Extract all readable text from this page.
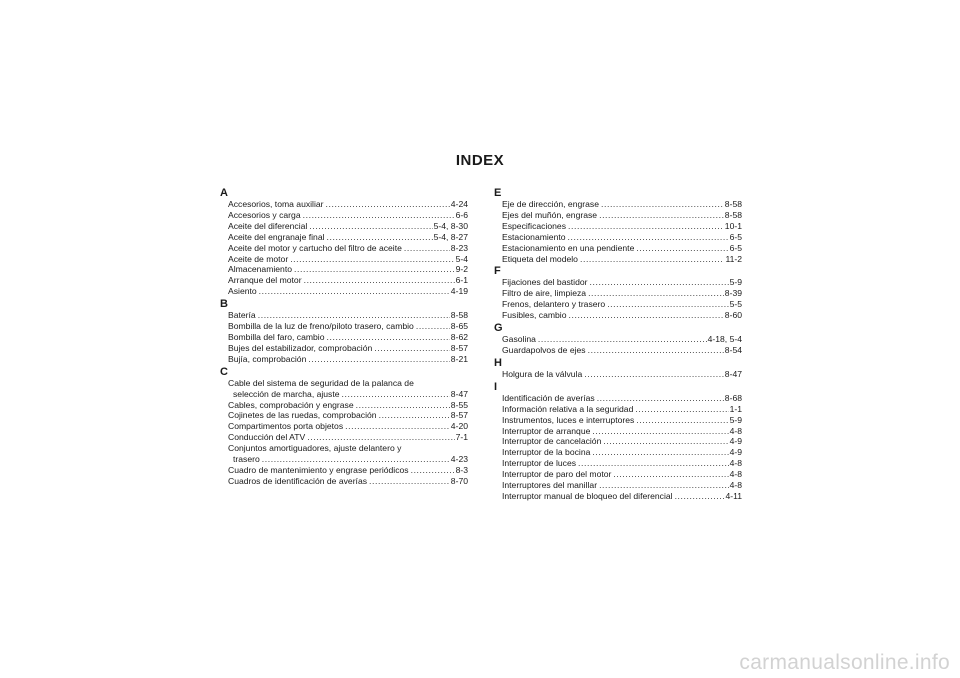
INDEX
A
Accesorios, toma auxiliar .....	4-24
Accesorios y carga .....	6-6
Aceite del diferencial .....	5-4, 8-30
Aceite del engranaje final .....	5-4, 8-27
Aceite del motor y cartucho del filtro de aceite .....	8-23
Aceite de motor .....	5-4
Almacenamiento .....	9-2
Arranque del motor .....	6-1
Asiento .....	4-19
B
Batería .....	8-58
Bombilla de la luz de freno/piloto trasero, cambio .....	8-65
Bombilla del faro, cambio .....	8-62
Bujes del estabilizador, comprobación .....	8-57
Bujía, comprobación .....	8-21
C
Cable del sistema de seguridad de la palanca de
selección de marcha, ajuste .....	8-47
Cables, comprobación y engrase .....	8-55
Cojinetes de las ruedas, comprobación .....	8-57
Compartimentos porta objetos .....	4-20
Conducción del ATV .....	7-1
Conjuntos amortiguadores, ajuste delantero y
trasero .....	4-23
Cuadro de mantenimiento y engrase periódicos .....	8-3
Cuadros de identificación de averías .....	8-70
E
Eje de dirección, engrase .....	8-58
Ejes del muñón, engrase .....	8-58
Especificaciones .....	10-1
Estacionamiento .....	6-5
Estacionamiento en una pendiente .....	6-5
Etiqueta del modelo .....	11-2
F
Fijaciones del bastidor .....	5-9
Filtro de aire, limpieza .....	8-39
Frenos, delantero y trasero .....	5-5
Fusibles, cambio .....	8-60
G
Gasolina .....	4-18, 5-4
Guardapolvos de ejes .....	8-54
H
Holgura de la válvula .....	8-47
I
Identificación de averías .....	8-68
Información relativa a la seguridad .....	1-1
Instrumentos, luces e interruptores .....	5-9
Interruptor de arranque .....	4-8
Interruptor de cancelación .....	4-9
Interruptor de la bocina .....	4-9
Interruptor de luces .....	4-8
Interruptor de paro del motor .....	4-8
Interruptores del manillar .....	4-8
Interruptor manual de bloqueo del diferencial .....	4-11
carmanualsonline.info
